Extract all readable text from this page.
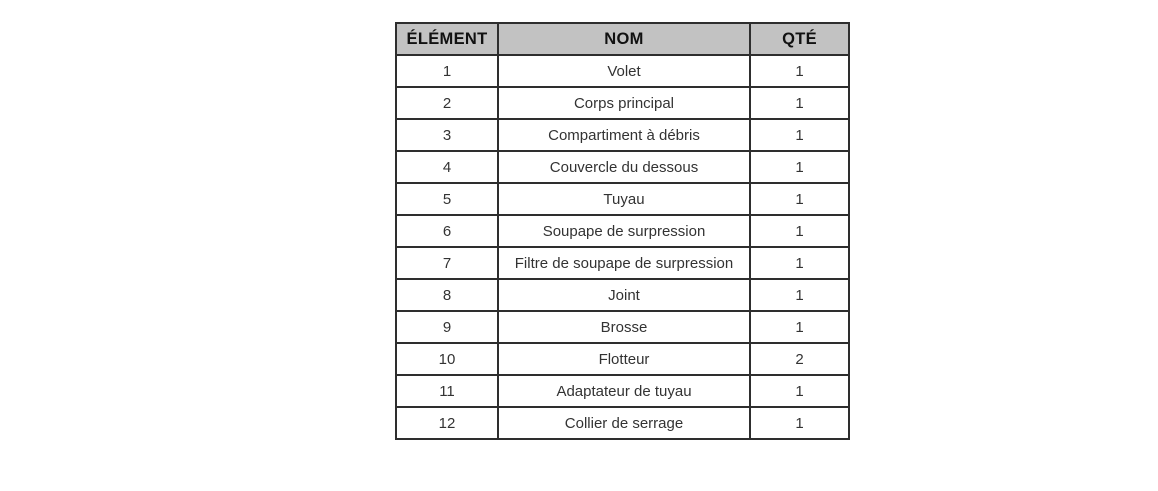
ÉLÉMENT	NOM	QTÉ
1	Volet	1
2	Corps principal	1
3	Compartiment à débris	1
4	Couvercle du dessous	1
5	Tuyau	1
6	Soupape de surpression	1
7	Filtre de soupape de surpression	1
8	Joint	1
9	Brosse	1
10	Flotteur	2
11	Adaptateur de tuyau	1
12	Collier de serrage	1
